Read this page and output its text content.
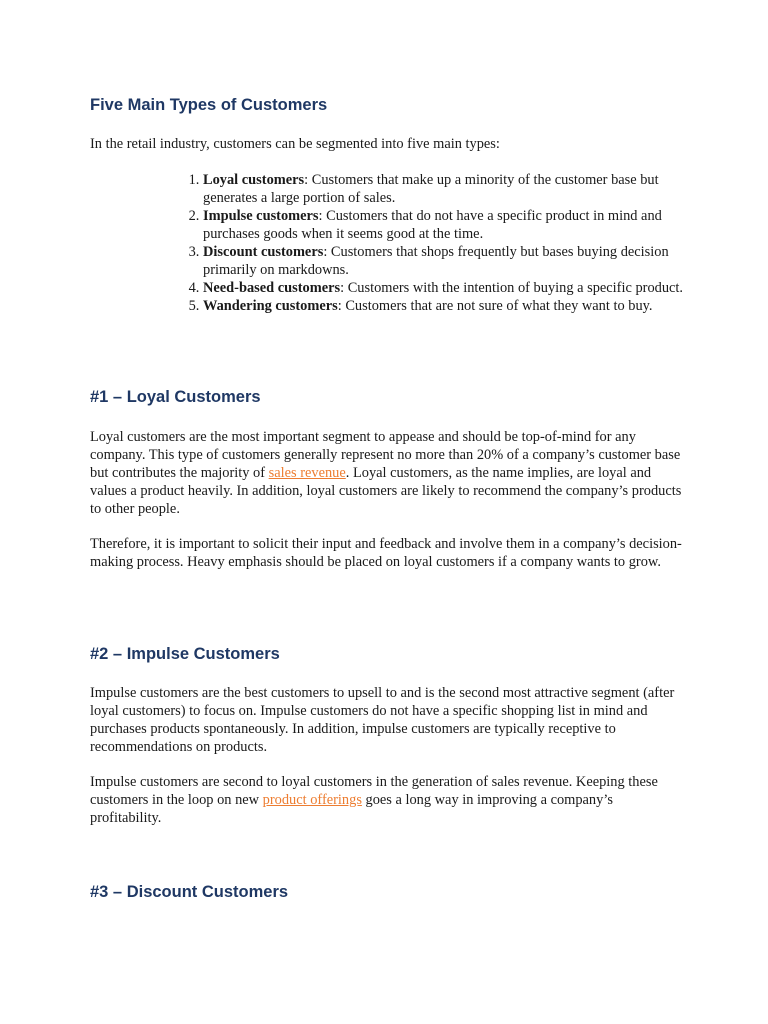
Five Main Types of Customers

In the retail industry, customers can be segmented into five main types:

1. Loyal customers: Customers that make up a minority of the customer base but generates a large portion of sales.
2. Impulse customers: Customers that do not have a specific product in mind and purchases goods when it seems good at the time.
3. Discount customers: Customers that shops frequently but bases buying decision primarily on markdowns.
4. Need-based customers: Customers with the intention of buying a specific product.
5. Wandering customers: Customers that are not sure of what they want to buy.
#1 – Loyal Customers

Loyal customers are the most important segment to appease and should be top-of-mind for any company. This type of customers generally represent no more than 20% of a company’s customer base but contributes the majority of sales revenue. Loyal customers, as the name implies, are loyal and values a product heavily. In addition, loyal customers are likely to recommend the company’s products to other people.

Therefore, it is important to solicit their input and feedback and involve them in a company’s decision-making process. Heavy emphasis should be placed on loyal customers if a company wants to grow.

#2 – Impulse Customers

Impulse customers are the best customers to upsell to and is the second most attractive segment (after loyal customers) to focus on. Impulse customers do not have a specific shopping list in mind and purchases products spontaneously. In addition, impulse customers are typically receptive to recommendations on products.

Impulse customers are second to loyal customers in the generation of sales revenue. Keeping these customers in the loop on new product offerings goes a long way in improving a company’s profitability.

#3 – Discount Customers
